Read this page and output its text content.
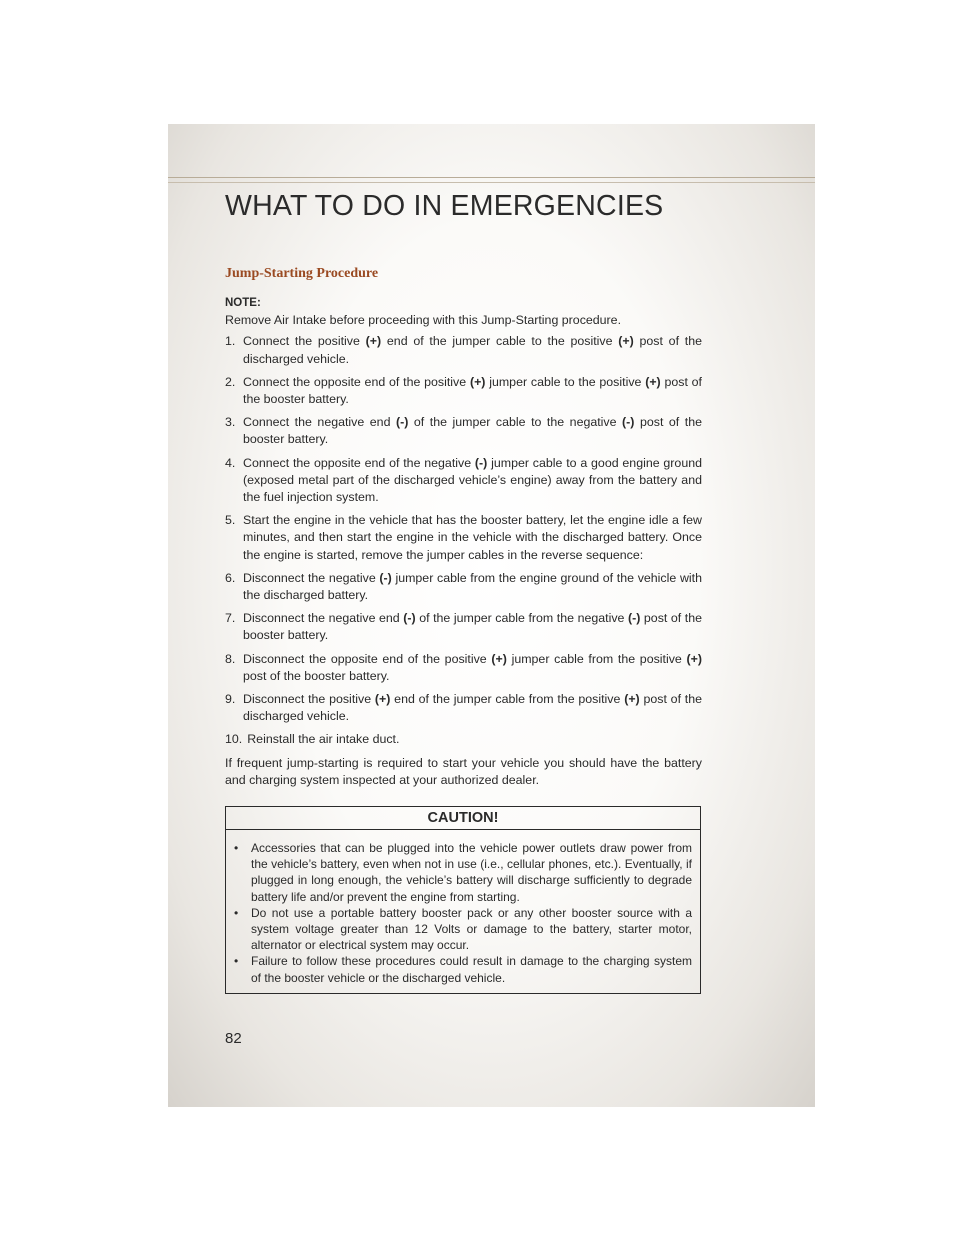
WHAT TO DO IN EMERGENCIES
Jump-Starting Procedure
NOTE:
Remove Air Intake before proceeding with this Jump-Starting procedure.
1. Connect the positive (+) end of the jumper cable to the positive (+) post of the discharged vehicle.
2. Connect the opposite end of the positive (+) jumper cable to the positive (+) post of the booster battery.
3. Connect the negative end (-) of the jumper cable to the negative (-) post of the booster battery.
4. Connect the opposite end of the negative (-) jumper cable to a good engine ground (exposed metal part of the discharged vehicle’s engine) away from the battery and the fuel injection system.
5. Start the engine in the vehicle that has the booster battery, let the engine idle a few minutes, and then start the engine in the vehicle with the discharged battery. Once the engine is started, remove the jumper cables in the reverse sequence:
6. Disconnect the negative (-) jumper cable from the engine ground of the vehicle with the discharged battery.
7. Disconnect the negative end (-) of the jumper cable from the negative (-) post of the booster battery.
8. Disconnect the opposite end of the positive (+) jumper cable from the positive (+) post of the booster battery.
9. Disconnect the positive (+) end of the jumper cable from the positive (+) post of the discharged vehicle.
10. Reinstall the air intake duct.
If frequent jump-starting is required to start your vehicle you should have the battery and charging system inspected at your authorized dealer.
CAUTION!
• Accessories that can be plugged into the vehicle power outlets draw power from the vehicle’s battery, even when not in use (i.e., cellular phones, etc.). Eventually, if plugged in long enough, the vehicle’s battery will discharge sufficiently to degrade battery life and/or prevent the engine from starting.
• Do not use a portable battery booster pack or any other booster source with a system voltage greater than 12 Volts or damage to the battery, starter motor, alternator or electrical system may occur.
• Failure to follow these procedures could result in damage to the charging system of the booster vehicle or the discharged vehicle.
82
